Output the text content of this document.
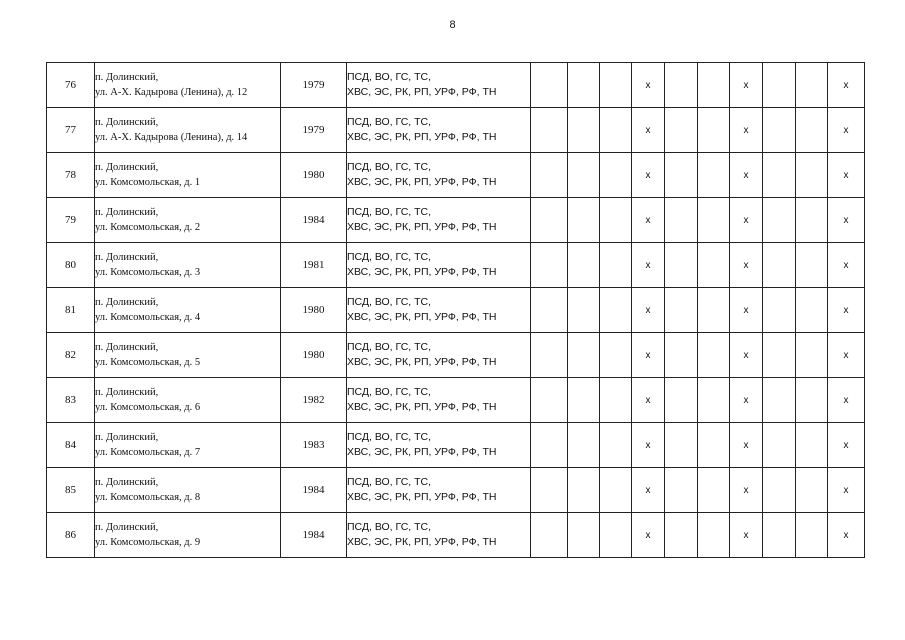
8
76	п. Долинский,
ул. А-Х. Кадырова (Ленина), д. 12	1979	ПСД, ВО, ГС, ТС,
ХВС, ЭС, РК, РП, УРФ, РФ, ТН				x			x			x
77	п. Долинский,
ул. А-Х. Кадырова (Ленина), д. 14	1979	ПСД, ВО, ГС, ТС,
ХВС, ЭС, РК, РП, УРФ, РФ, ТН				x			x			x
78	п. Долинский,
ул. Комсомольская, д. 1	1980	ПСД, ВО, ГС, ТС,
ХВС, ЭС, РК, РП, УРФ, РФ, ТН				x			x			x
79	п. Долинский,
ул. Комсомольская, д. 2	1984	ПСД, ВО, ГС, ТС,
ХВС, ЭС, РК, РП, УРФ, РФ, ТН				x			x			x
80	п. Долинский,
ул. Комсомольская, д. 3	1981	ПСД, ВО, ГС, ТС,
ХВС, ЭС, РК, РП, УРФ, РФ, ТН				x			x			x
81	п. Долинский,
ул. Комсомольская, д. 4	1980	ПСД, ВО, ГС, ТС,
ХВС, ЭС, РК, РП, УРФ, РФ, ТН				x			x			x
82	п. Долинский,
ул. Комсомольская, д. 5	1980	ПСД, ВО, ГС, ТС,
ХВС, ЭС, РК, РП, УРФ, РФ, ТН				x			x			x
83	п. Долинский,
ул. Комсомольская, д. 6	1982	ПСД, ВО, ГС, ТС,
ХВС, ЭС, РК, РП, УРФ, РФ, ТН				x			x			x
84	п. Долинский,
ул. Комсомольская, д. 7	1983	ПСД, ВО, ГС, ТС,
ХВС, ЭС, РК, РП, УРФ, РФ, ТН				x			x			x
85	п. Долинский,
ул. Комсомольская, д. 8	1984	ПСД, ВО, ГС, ТС,
ХВС, ЭС, РК, РП, УРФ, РФ, ТН				x			x			x
86	п. Долинский,
ул. Комсомольская, д. 9	1984	ПСД, ВО, ГС, ТС,
ХВС, ЭС, РК, РП, УРФ, РФ, ТН				x			x			x
